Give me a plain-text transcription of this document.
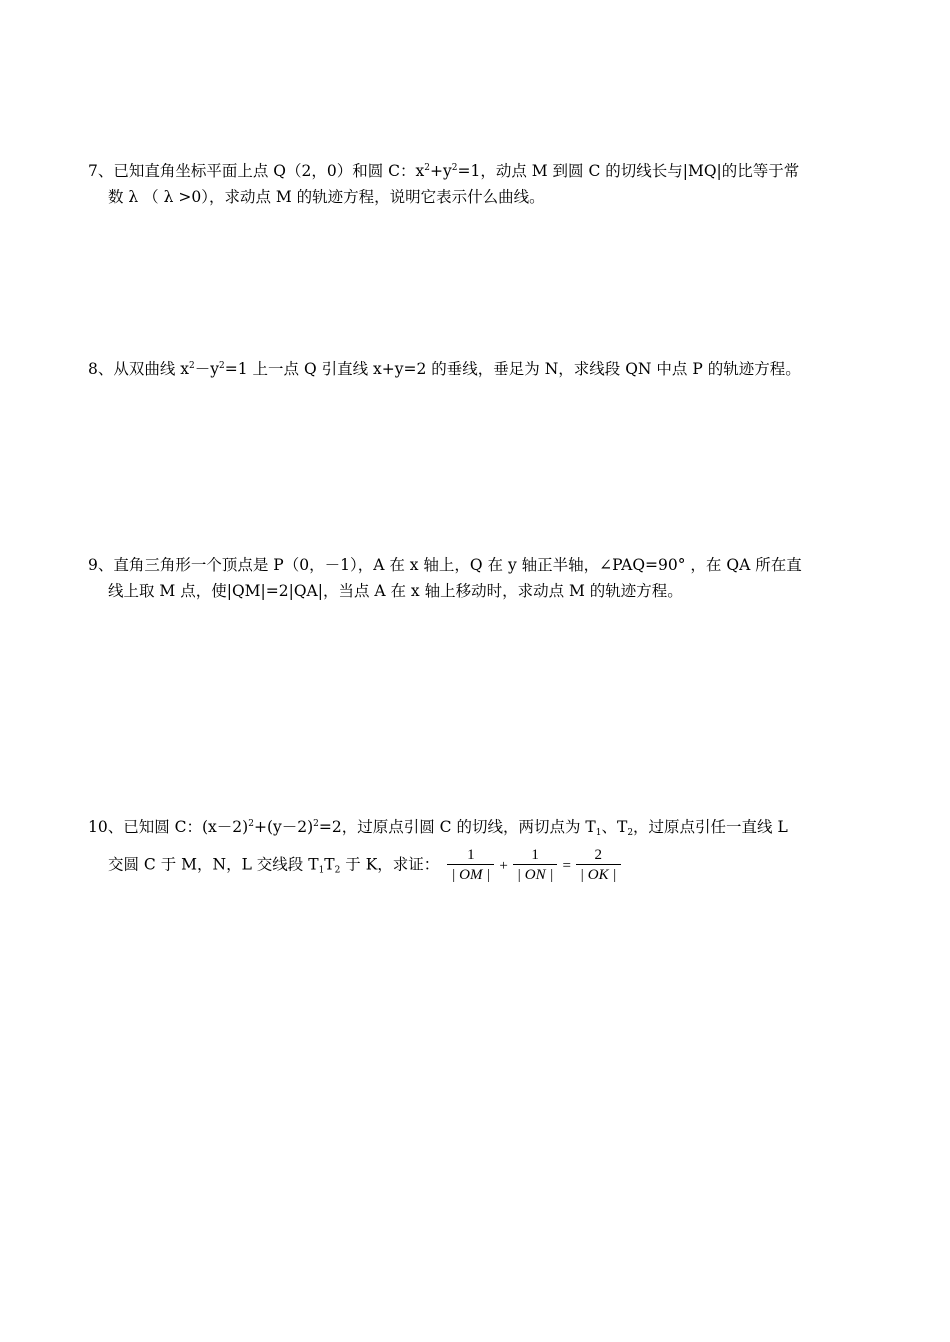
7、已知直角坐标平面上点 Q（2，0）和圆 C：$x^2+y^2=1$，动点 M 到圆 C 的切线长与|MQ|的比等于常
数 λ （ λ >0），求动点 M 的轨迹方程，说明它表示什么曲线。
8、从双曲线 $x^2-y^2=1$ 上一点 Q 引直线 x+y=2 的垂线，垂足为 N，求线段 QN 中点 P 的轨迹方程。
9、直角三角形一个顶点是 P（0，－1），A 在 x 轴上，Q 在 y 轴正半轴，∠PAQ=90° ，在 QA 所在直
线上取 M 点，使|QM|=2|QA|，当点 A 在 x 轴上移动时，求动点 M 的轨迹方程。
10、已知圆 C：$(x-2)^2+(y-2)^2=2$，过原点引圆 C 的切线，两切点为 $T_1$、$T_2$，过原点引任一直线 L
交圆 C 于 M，N，L 交线段 $T_1T_2$ 于 K，求证： $\frac{1}{| OM |} + \frac{1}{| ON |} = \frac{2}{| OK |}$
